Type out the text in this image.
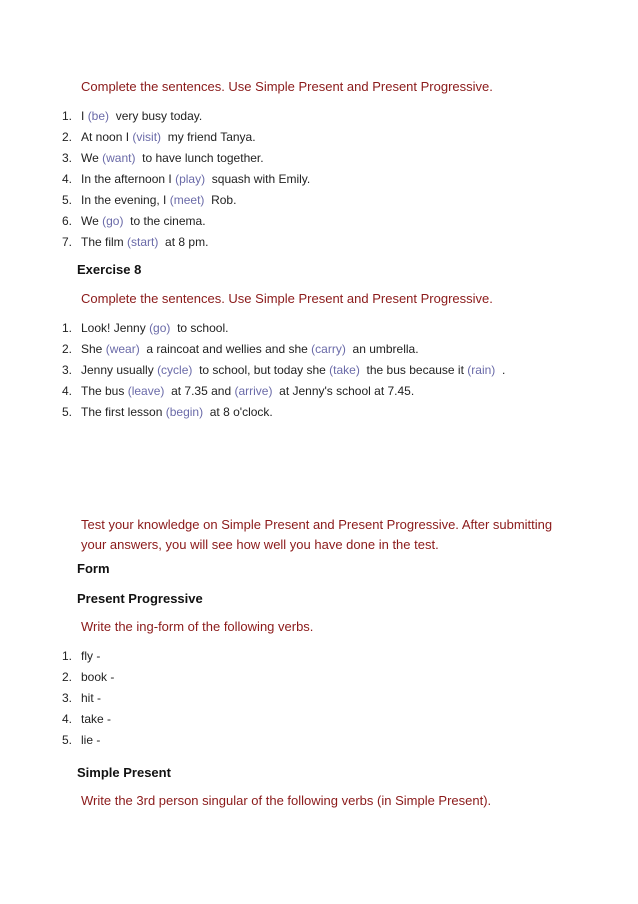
Complete the sentences. Use Simple Present and Present Progressive.
1. I (be) very busy today.
2. At noon I (visit) my friend Tanya.
3. We (want) to have lunch together.
4. In the afternoon I (play) squash with Emily.
5. In the evening, I (meet) Rob.
6. We (go) to the cinema.
7. The film (start) at 8 pm.
Exercise 8
Complete the sentences. Use Simple Present and Present Progressive.
1. Look! Jenny (go) to school.
2. She (wear) a raincoat and wellies and she (carry) an umbrella.
3. Jenny usually (cycle) to school, but today she (take) the bus because it (rain) .
4. The bus (leave) at 7.35 and (arrive) at Jenny's school at 7.45.
5. The first lesson (begin) at 8 o'clock.
Test your knowledge on Simple Present and Present Progressive. After submitting
your answers, you will see how well you have done in the test.
Form
Present Progressive
Write the ing-form of the following verbs.
1. fly -
2. book -
3. hit -
4. take -
5. lie -
Simple Present
Write the 3rd person singular of the following verbs (in Simple Present).
